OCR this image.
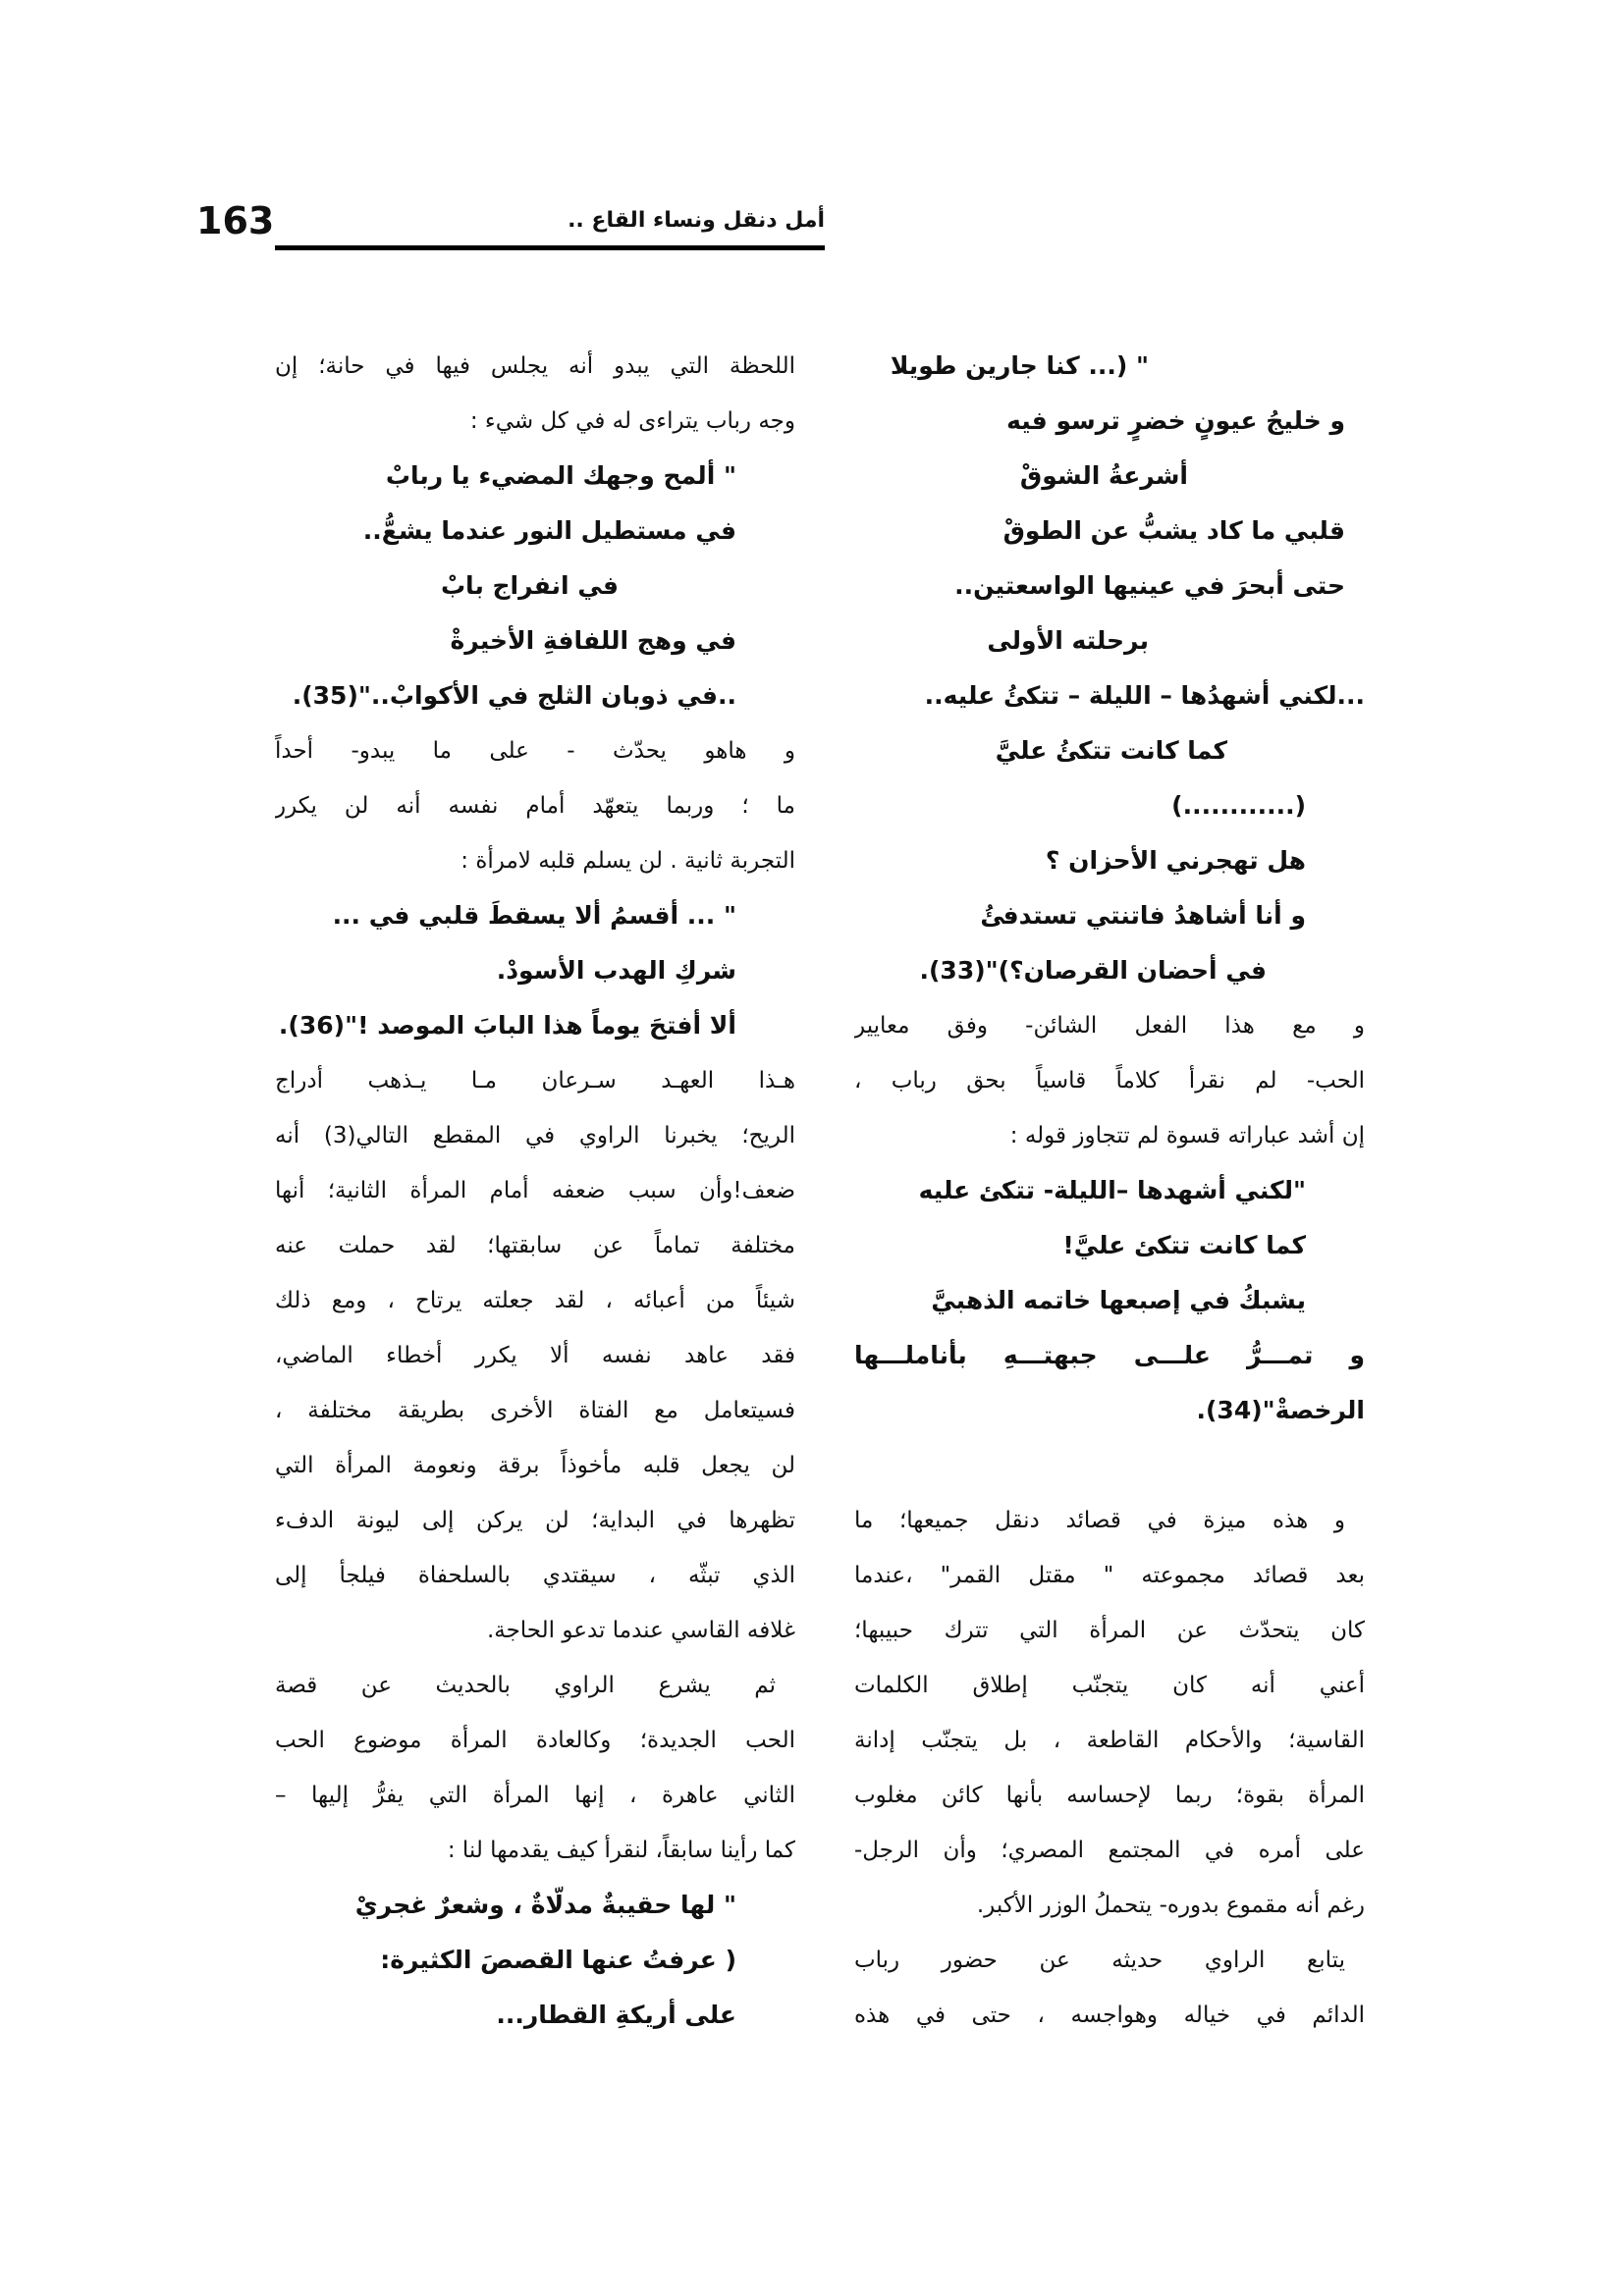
163	أمل دنقل ونساء القاع ..
" (... كنا جارين طويلا
و خليجُ عيونٍ خضرٍ ترسو فيه
أشرعةُ الشوقْ
قلبي ما كاد يشبُّ عن الطوقْ
حتى أبحرَ في عينيها الواسعتين..
برحلته الأولى
...لكني أشهدُها – الليلة – تتكئُ عليه..
كما كانت تتكئُ عليَّ
(............)
هل تهجرني الأحزان ؟
و أنا أشاهدُ فاتنتي تستدفئُ
في أحضان القرصان؟)"(33).
و مع هذا الفعل الشائن- وفق معايير
الحب- لم نقرأ كلاماً قاسياً بحق رباب ،
إن أشد عباراته قسوة لم تتجاوز قوله :
"لكني أشهدها –الليلة- تتكئ عليه
كما كانت تتكئ عليَّ!
يشبكُ في إصبعها خاتمه الذهبيَّ
و تمـــرُّ علـــى جبهتـــهِ بأناملـــها
الرخصةْ"(34).
و هذه ميزة في قصائد دنقل جميعها؛ ما
بعد قصائد مجموعته " مقتل القمر" ،عندما
كان يتحدّث عن المرأة التي تترك حبيبها؛
أعني أنه كان يتجنّب إطلاق الكلمات
القاسية؛ والأحكام القاطعة ، بل يتجنّب إدانة
المرأة بقوة؛ ربما لإحساسه بأنها كائن مغلوب
على أمره في المجتمع المصري؛ وأن الرجل-
رغم أنه مقموع بدوره- يتحملُ الوزر الأكبر.
يتابع الراوي حديثه عن حضور رباب
الدائم في خياله وهواجسه ، حتى في هذه
اللحظة التي يبدو أنه يجلس فيها في حانة؛ إن
وجه رباب يتراءى له في كل شيء :
" ألمح وجهك المضيء يا ربابْ
في مستطيل النور عندما يشعُّ..
في انفراج بابْ
في وهج اللفافةِ الأخيرةْ
..في ذوبان الثلج في الأكوابْ.."(35).
و هاهو يحدّث - على ما يبدو- أحداً
ما ؛ وربما يتعهّد أمام نفسه أنه لن يكرر
التجربة ثانية . لن يسلم قلبه لامرأة :
" ... أقسمُ ألا يسقطَ قلبي في ...
شركِ الهدب الأسودْ.
ألا أفتحَ يوماً هذا البابَ الموصد !"(36).
هـذا العهـد سـرعان مـا يـذهب أدراج
الريح؛ يخبرنا الراوي في المقطع التالي(3) أنه
ضعف!وأن سبب ضعفه أمام المرأة الثانية؛ أنها
مختلفة تماماً عن سابقتها؛ لقد حملت عنه
شيئاً من أعبائه ، لقد جعلته يرتاح ، ومع ذلك
فقد عاهد نفسه ألا يكرر أخطاء الماضي،
فسيتعامل مع الفتاة الأخرى بطريقة مختلفة ،
لن يجعل قلبه مأخوذاً برقة ونعومة المرأة التي
تظهرها في البداية؛ لن يركن إلى ليونة الدفء
الذي تبثّه ، سيقتدي بالسلحفاة فيلجأ إلى
غلافه القاسي عندما تدعو الحاجة.
ثم يشرع الراوي بالحديث عن قصة
الحب الجديدة؛ وكالعادة المرأة موضوع الحب
الثاني عاهرة ، إنها المرأة التي يفرُّ إليها –
كما رأينا سابقاً، لنقرأ كيف يقدمها لنا :
" لها حقيبةٌ مدلّاةٌ ، وشعرٌ غجريْ
( عرفتُ عنها القصصَ الكثيرة:
على أريكةِ القطار...
